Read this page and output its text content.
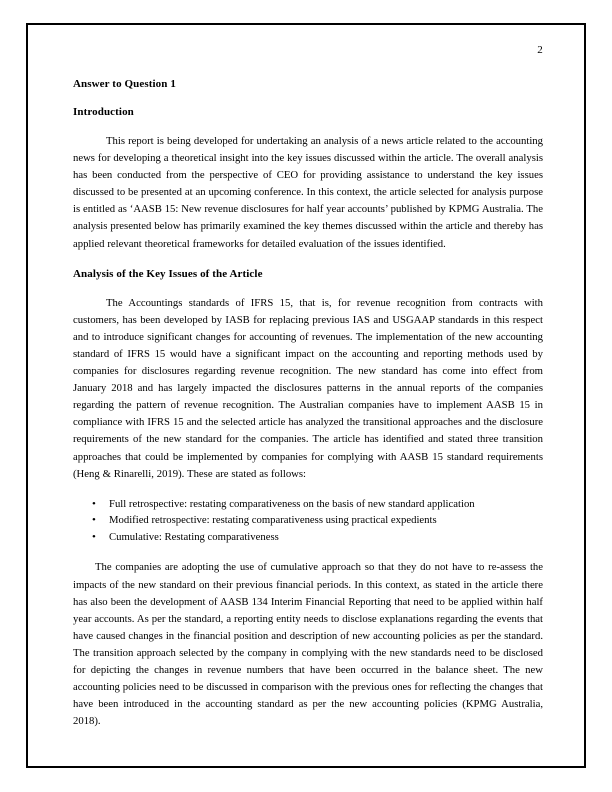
2
Answer to Question 1
Introduction

This report is being developed for undertaking an analysis of a news article related to the accounting news for developing a theoretical insight into the key issues discussed within the article. The overall analysis has been conducted from the perspective of CEO for providing assistance to understand the key issues discussed to be presented at an upcoming conference. In this context, the article selected for analysis purpose is entitled as ‘AASB 15: New revenue disclosures for half year accounts’ published by KPMG Australia. The analysis presented below has primarily examined the key themes discussed within the article and thereby has applied relevant theoretical frameworks for detailed evaluation of the issues identified.

Analysis of the Key Issues of the Article

The Accountings standards of IFRS 15, that is, for revenue recognition from contracts with customers, has been developed by IASB for replacing previous IAS and USGAAP standards in this respect and to introduce significant changes for accounting of revenues. The implementation of the new accounting standard of IFRS 15 would have a significant impact on the accounting and reporting methods used by companies for disclosures regarding revenue recognition. The new standard has come into effect from January 2018 and has largely impacted the disclosures patterns in the annual reports of the companies regarding the pattern of revenue recognition. The Australian companies have to implement AASB 15 in compliance with IFRS 15 and the selected article has analyzed the transitional approaches and the disclosure requirements of the new standard for the companies. The article has identified and stated three transition approaches that could be implemented by companies for complying with AASB 15 standard requirements (Heng & Rinarelli, 2019). These are stated as follows:

• Full retrospective: restating comparativeness on the basis of new standard application
• Modified retrospective: restating comparativeness using practical expedients
• Cumulative: Restating comparativeness

The companies are adopting the use of cumulative approach so that they do not have to re-assess the impacts of the new standard on their previous financial periods. In this context, as stated in the article there has also been the development of AASB 134 Interim Financial Reporting that need to be applied within half year accounts. As per the standard, a reporting entity needs to disclose explanations regarding the events that have caused changes in the financial position and description of new accounting policies as per the standard. The transition approach selected by the company in complying with the new standards need to be disclosed for depicting the changes in revenue numbers that have been occurred in the balance sheet. The new accounting policies need to be discussed in comparison with the previous ones for reflecting the changes that have been introduced in the accounting standard as per the new accounting policies (KPMG Australia, 2018).
